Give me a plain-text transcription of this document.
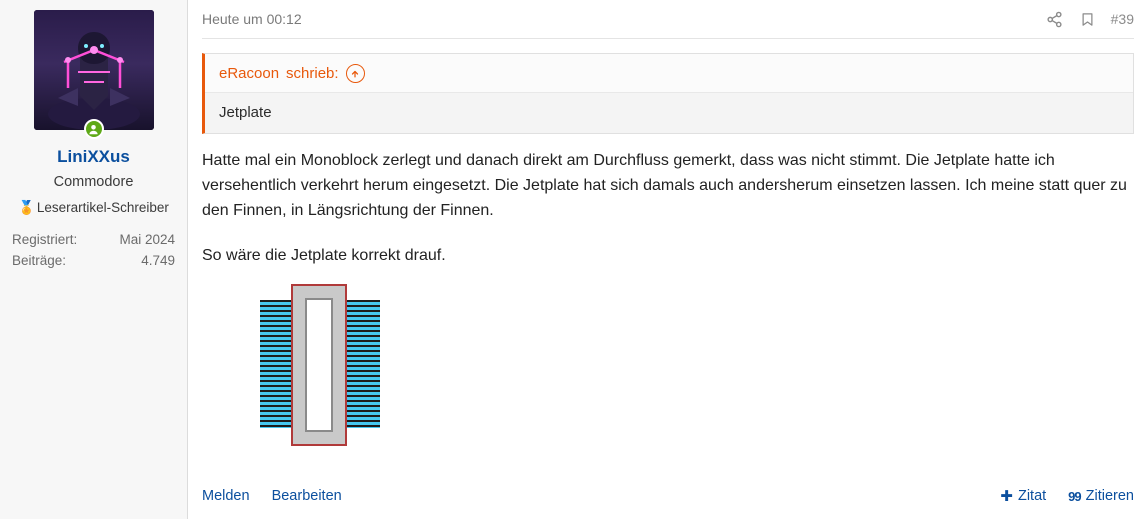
LiniXXus
Commodore
🏅 Leserartikel-Schreiber
Registriert:	Mai 2024
Beiträge:	4.749
Heute um 00:12	#39
eRacoon schrieb:
Jetplate

Hatte mal ein Monoblock zerlegt und danach direkt am Durchfluss gemerkt, dass was nicht stimmt. Die Jetplate hatte ich versehentlich verkehrt herum eingesetzt. Die Jetplate hat sich damals auch andersherum einsetzen lassen. Ich meine statt quer zu den Finnen, in Längsrichtung der Finnen.

So wäre die Jetplate korrekt drauf.

Melden Bearbeiten	✚ Zitat 99 Zitieren
